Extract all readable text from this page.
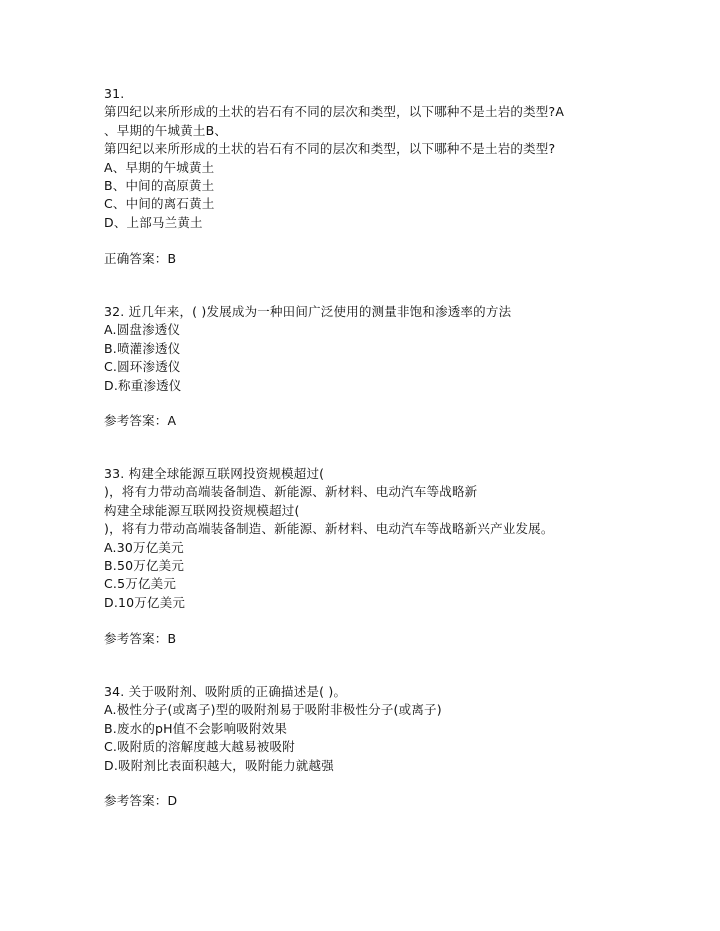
31.
第四纪以来所形成的土状的岩石有不同的层次和类型，以下哪种不是土岩的类型?A
、早期的午城黄土B、
第四纪以来所形成的土状的岩石有不同的层次和类型，以下哪种不是土岩的类型?
A、早期的午城黄土
B、中间的高原黄土
C、中间的离石黄土
D、上部马兰黄土
正确答案：B
32. 近几年来，( )发展成为一种田间广泛使用的测量非饱和渗透率的方法
A.圆盘渗透仪
B.喷灌渗透仪
C.圆环渗透仪
D.称重渗透仪
参考答案：A
33. 构建全球能源互联网投资规模超过(
)，将有力带动高端装备制造、新能源、新材料、电动汽车等战略新
构建全球能源互联网投资规模超过(
)，将有力带动高端装备制造、新能源、新材料、电动汽车等战略新兴产业发展。
A.30万亿美元
B.50万亿美元
C.5万亿美元
D.10万亿美元
参考答案：B
34. 关于吸附剂、吸附质的正确描述是( )。
A.极性分子(或离子)型的吸附剂易于吸附非极性分子(或离子)
B.废水的pH值不会影响吸附效果
C.吸附质的溶解度越大越易被吸附
D.吸附剂比表面积越大，吸附能力就越强
参考答案：D
